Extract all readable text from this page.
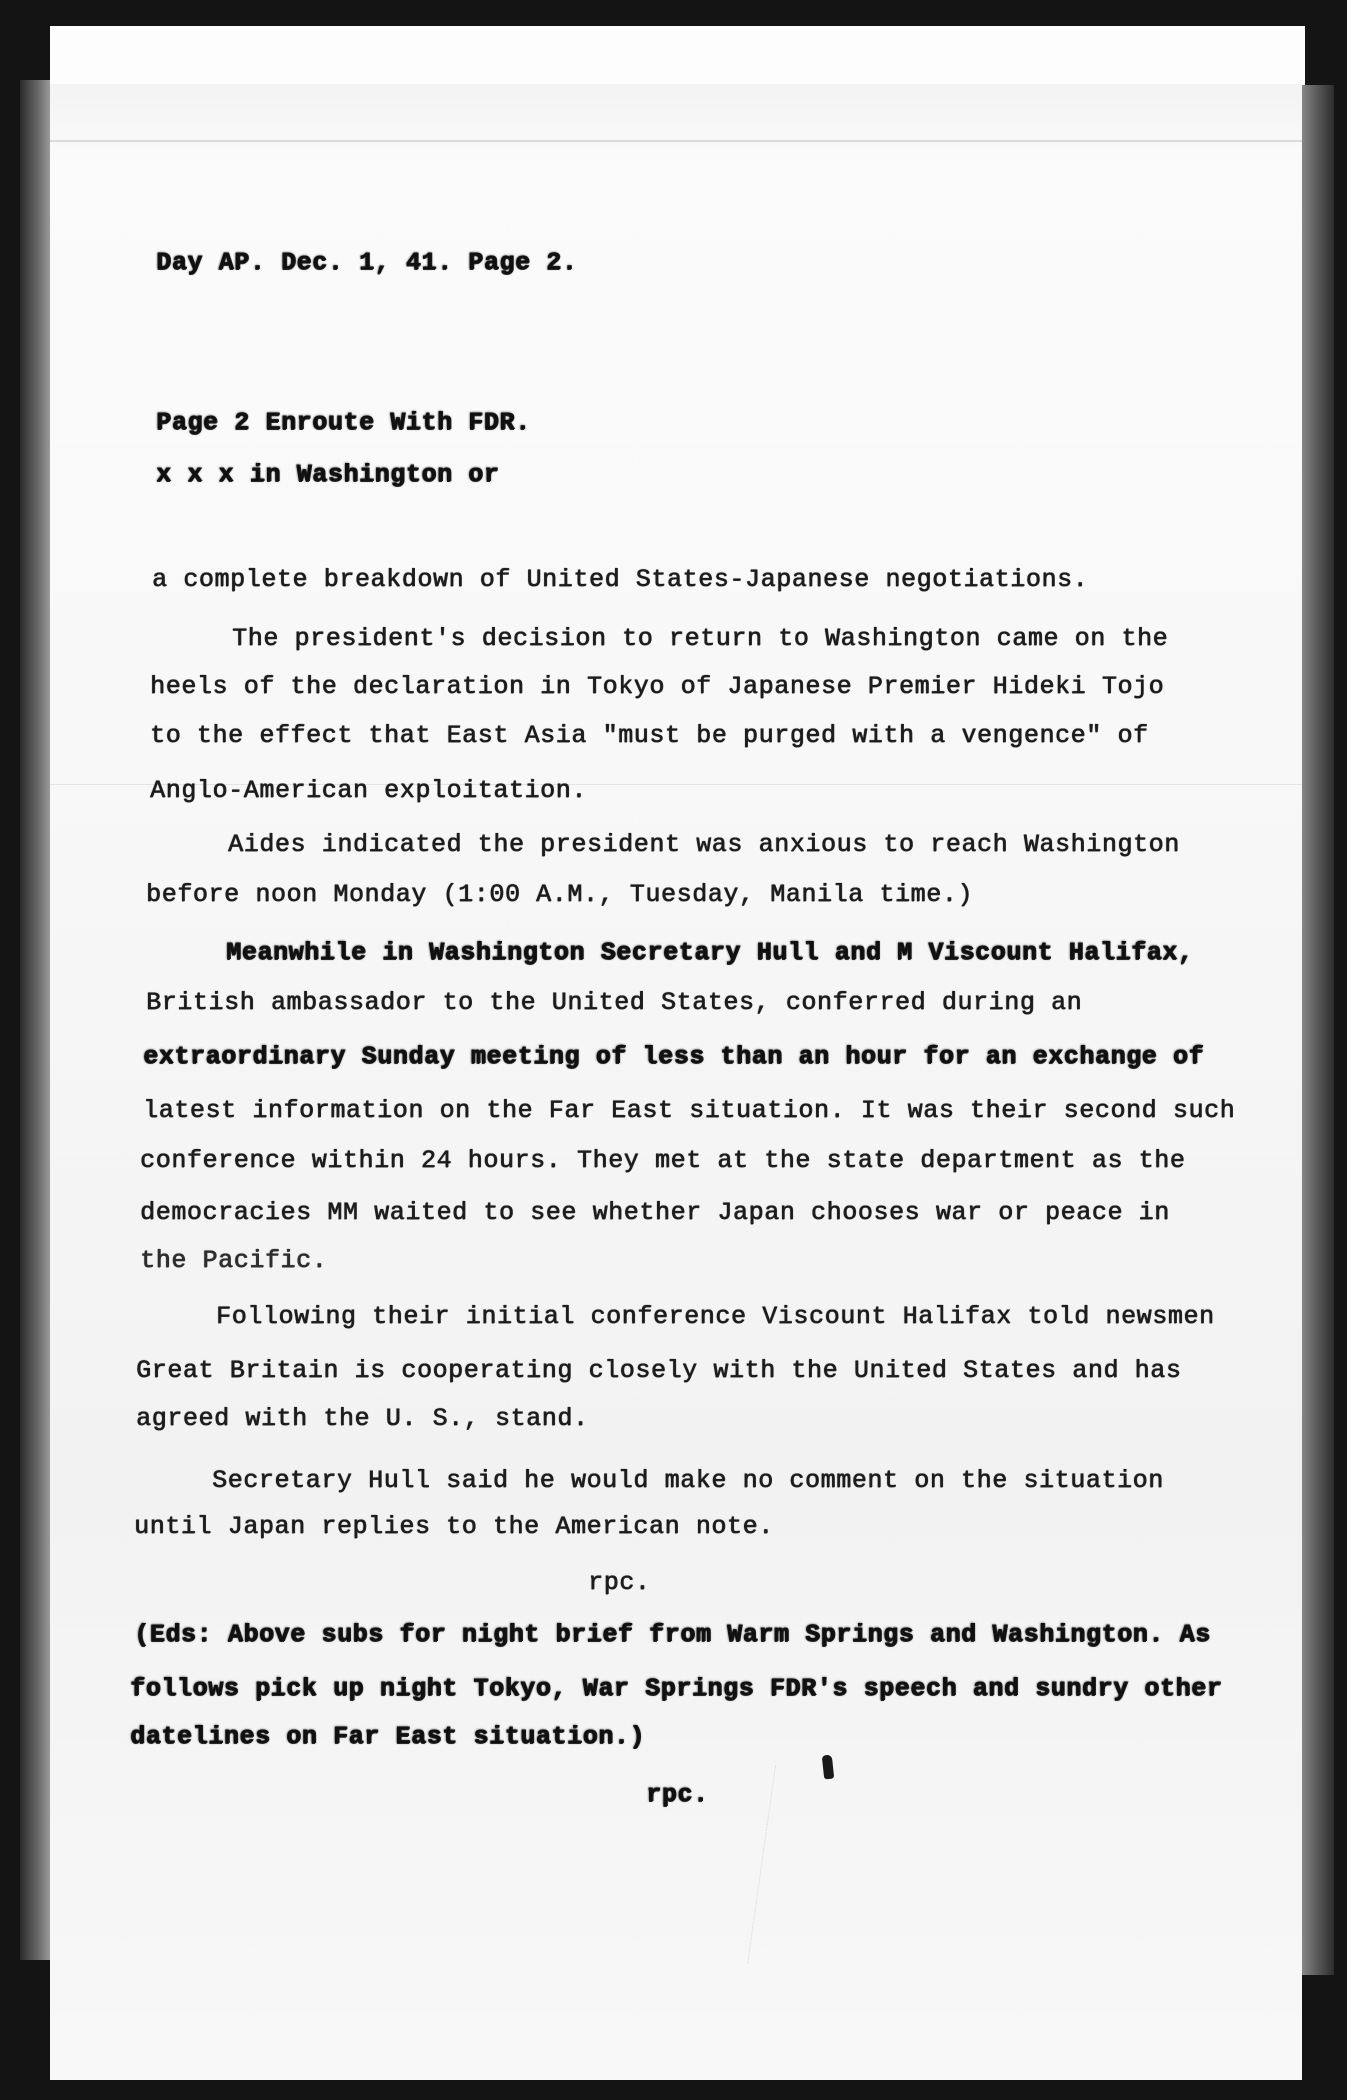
Day AP. Dec. 1, 41. Page 2.
Page 2 Enroute With FDR.
x x x in Washington or
a complete breakdown of United States-Japanese negotiations.
The president's decision to return to Washington came on the
heels of the declaration in Tokyo of Japanese Premier Hideki Tojo
to the effect that East Asia "must be purged with a vengence" of
Anglo-American exploitation.
Aides indicated the president was anxious to reach Washington
before noon Monday (1:00 A.M., Tuesday, Manila time.)
Meanwhile in Washington Secretary Hull and M Viscount Halifax,
British ambassador to the United States, conferred during an
extraordinary Sunday meeting of less than an hour for an exchange of
latest information on the Far East situation. It was their second such
conference within 24 hours. They met at the state department as the
democracies MM waited to see whether Japan chooses war or peace in
the Pacific.
Following their initial conference Viscount Halifax told newsmen
Great Britain is cooperating closely with the United States and has
agreed with the U. S., stand.
Secretary Hull said he would make no comment on the situation
until Japan replies to the American note.
rpc.
(Eds: Above subs for night brief from Warm Springs and Washington. As
follows pick up night Tokyo, War Springs FDR's speech and sundry other
datelines on Far East situation.)
rpc.
